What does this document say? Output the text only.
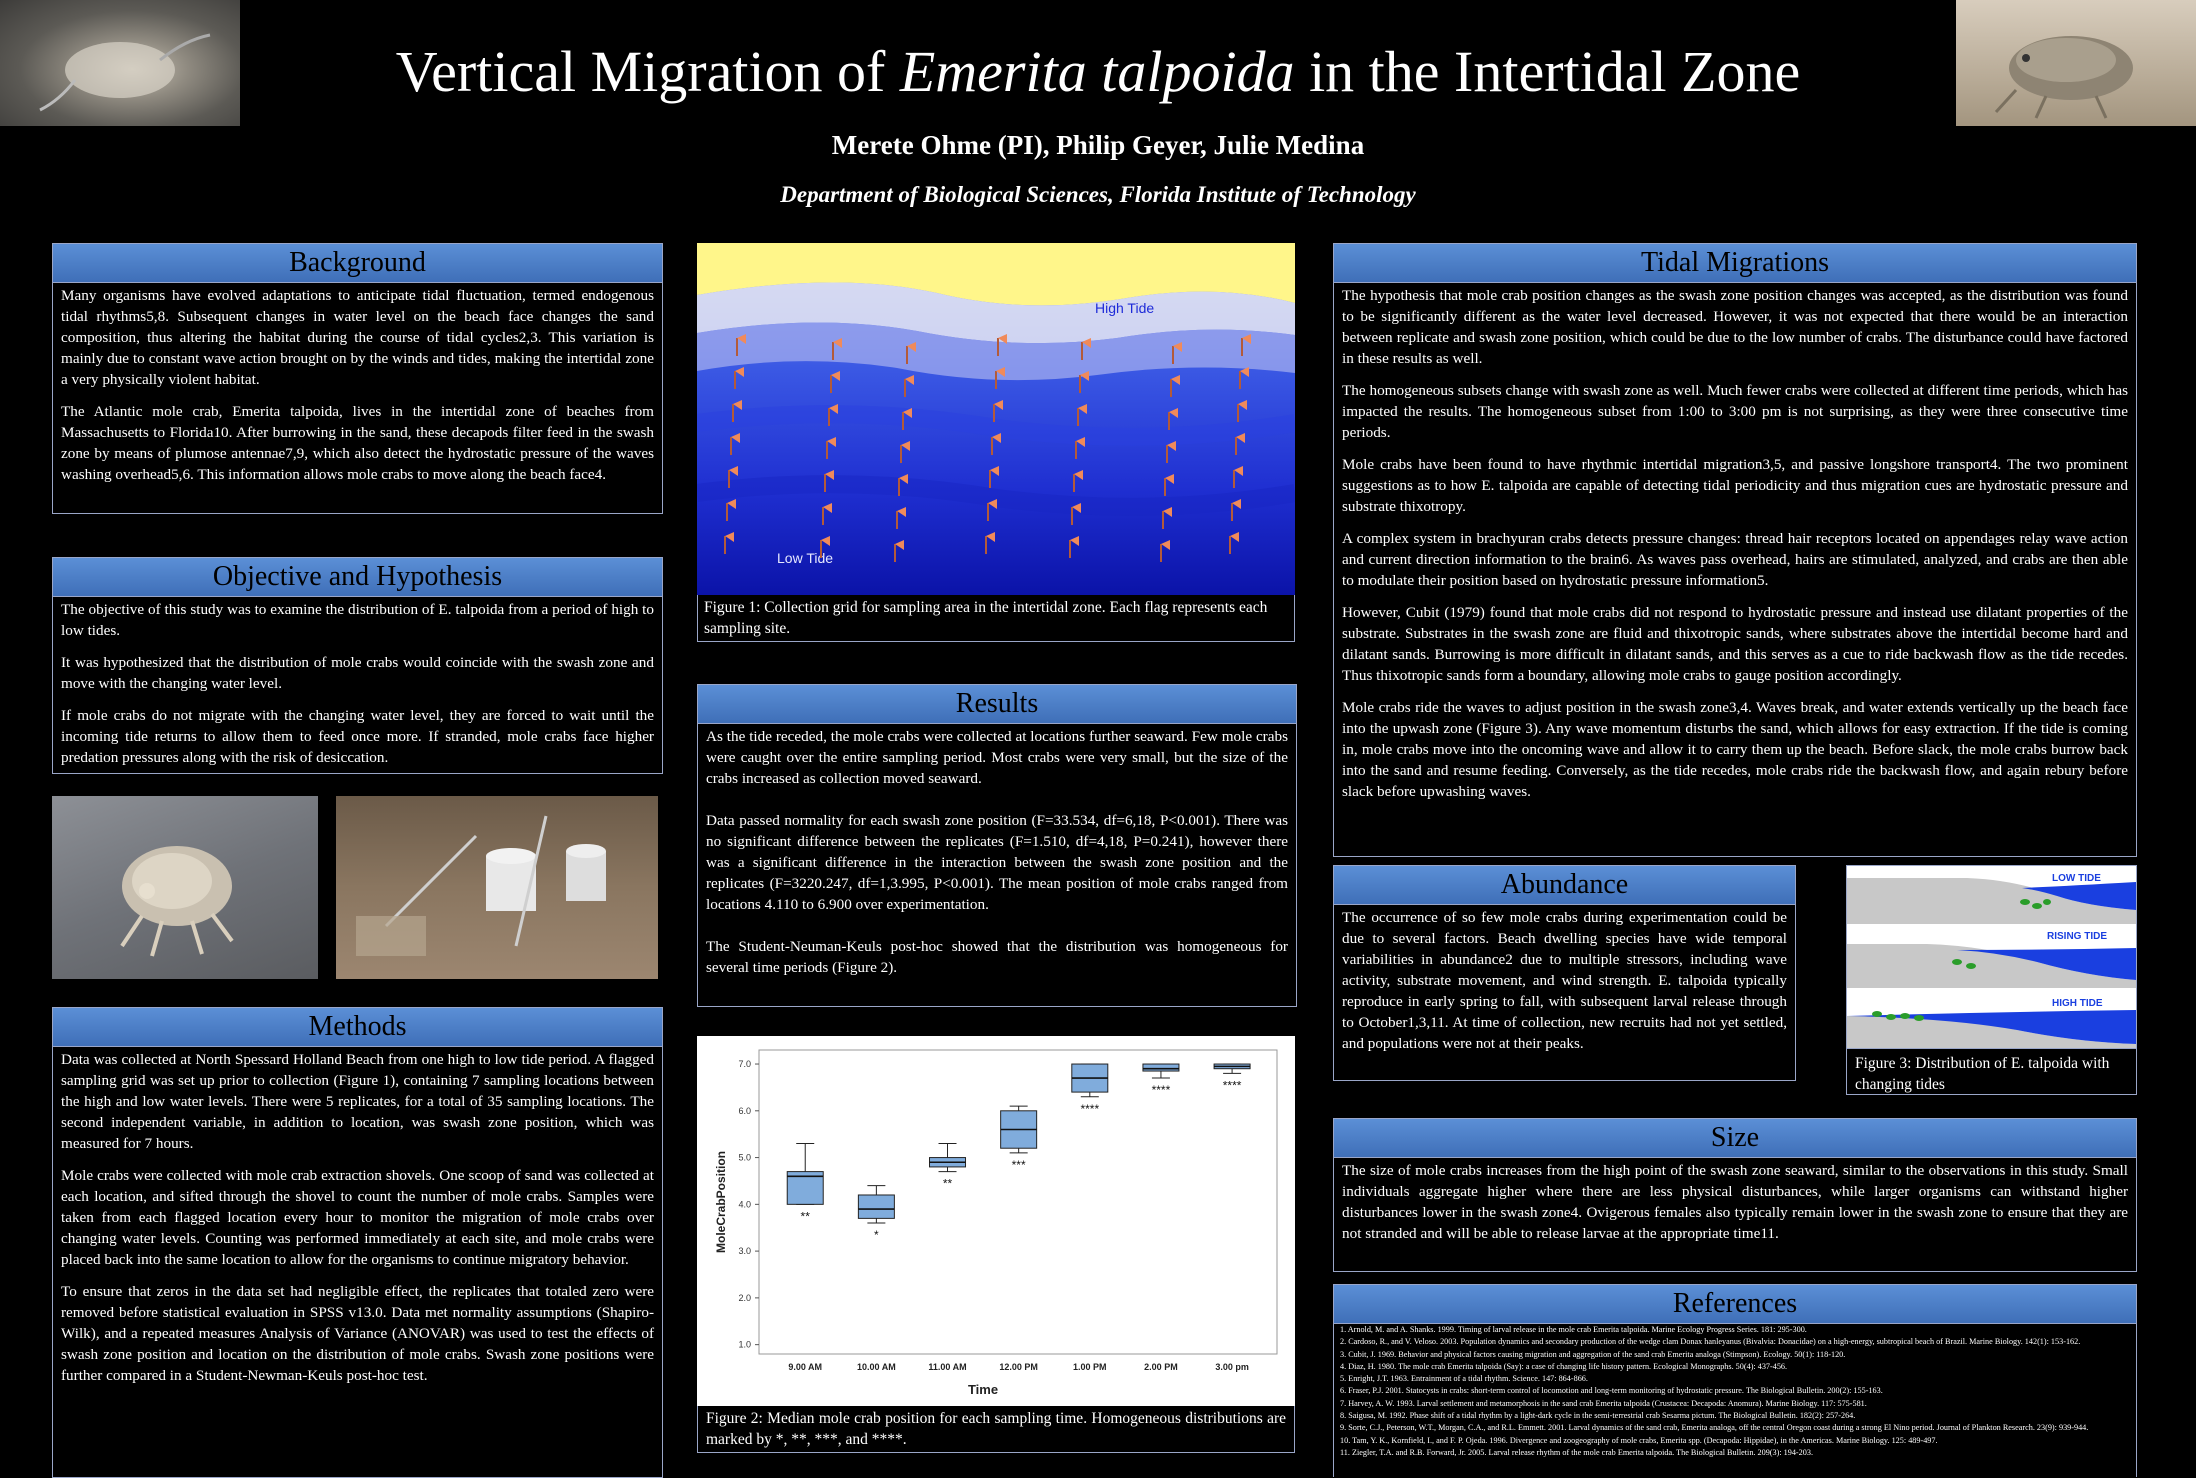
Vertical Migration of Emerita talpoida in the Intertidal Zone
Merete Ohme (PI), Philip Geyer, Julie Medina
Department of Biological Sciences, Florida Institute of Technology
Background

Many organisms have evolved adaptations to anticipate tidal fluctuation, termed endogenous tidal rhythms5,8. Subsequent changes in water level on the beach face changes the sand composition, thus altering the habitat during the course of tidal cycles2,3. This variation is mainly due to constant wave action brought on by the winds and tides, making the intertidal zone a very physically violent habitat.

The Atlantic mole crab, Emerita talpoida, lives in the intertidal zone of beaches from Massachusetts to Florida10. After burrowing in the sand, these decapods filter feed in the swash zone by means of plumose antennae7,9, which also detect the hydrostatic pressure of the waves washing overhead5,6. This information allows mole crabs to move along the beach face4.

Objective and Hypothesis

The objective of this study was to examine the distribution of E. talpoida from a period of high to low tides.

It was hypothesized that the distribution of mole crabs would coincide with the swash zone and move with the changing water level.

If mole crabs do not migrate with the changing water level, they are forced to wait until the incoming tide returns to allow them to feed once more. If stranded, mole crabs face higher predation pressures along with the risk of desiccation.

Methods

Data was collected at North Spessard Holland Beach from one high to low tide period. A flagged sampling grid was set up prior to collection (Figure 1), containing 7 sampling locations between the high and low water levels. There were 5 replicates, for a total of 35 sampling locations. The second independent variable, in addition to location, was swash zone position, which was measured for 7 hours.

Mole crabs were collected with mole crab extraction shovels. One scoop of sand was collected at each location, and sifted through the shovel to count the number of mole crabs. Samples were taken from each flagged location every hour to monitor the migration of mole crabs over changing water levels. Counting was performed immediately at each site, and mole crabs were placed back into the same location to allow for the organisms to continue migratory behavior.

To ensure that zeros in the data set had negligible effect, the replicates that totaled zero were removed before statistical evaluation in SPSS v13.0. Data met normality assumptions (Shapiro-Wilk), and a repeated measures Analysis of Variance (ANOVAR) was used to test the effects of swash zone position and location on the distribution of mole crabs. Swash zone positions were further compared in a Student-Newman-Keuls post-hoc test.

High Tide
Low Tide
Figure 1: Collection grid for sampling area in the intertidal zone. Each flag represents each sampling site.
Results

As the tide receded, the mole crabs were collected at locations further seaward. Few mole crabs were caught over the entire sampling period. Most crabs were very small, but the size of the crabs increased as collection moved seaward.

Data passed normality for each swash zone position (F=33.534, df=6,18, P<0.001). There was no significant difference between the replicates (F=1.510, df=4,18, P=0.241), however there was a significant difference in the interaction between the swash zone position and the replicates (F=3220.247, df=1,3.995, P<0.001). The mean position of mole crabs ranged from locations 4.110 to 6.900 over experimentation.

The Student-Neuman-Keuls post-hoc showed that the distribution was homogeneous for several time periods (Figure 2).

1.0
2.0
3.0
4.0
5.0
6.0
7.0
MoleCrabPosition
Time
**
9.00 AM
*
10.00 AM
**
11.00 AM
***
12.00 PM
****
1.00 PM
****
2.00 PM
****
3.00 pm
Figure 2: Median mole crab position for each sampling time. Homogeneous distributions are marked by *, **, ***, and ****.
Tidal Migrations

The hypothesis that mole crab position changes as the swash zone position changes was accepted, as the distribution was found to be significantly different as the water level decreased. However, it was not expected that there would be an interaction between replicate and swash zone position, which could be due to the low number of crabs. The disturbance could have factored in these results as well.

The homogeneous subsets change with swash zone as well. Much fewer crabs were collected at different time periods, which has impacted the results. The homogeneous subset from 1:00 to 3:00 pm is not surprising, as they were three consecutive time periods.

Mole crabs have been found to have rhythmic intertidal migration3,5, and passive longshore transport4. The two prominent suggestions as to how E. talpoida are capable of detecting tidal periodicity and thus migration cues are hydrostatic pressure and substrate thixotropy.

A complex system in brachyuran crabs detects pressure changes: thread hair receptors located on appendages relay wave action and current direction information to the brain6. As waves pass overhead, hairs are stimulated, analyzed, and crabs are then able to modulate their position based on hydrostatic pressure information5.

However, Cubit (1979) found that mole crabs did not respond to hydrostatic pressure and instead use dilatant properties of the substrate. Substrates in the swash zone are fluid and thixotropic sands, where substrates above the intertidal become hard and dilatant sands. Burrowing is more difficult in dilatant sands, and this serves as a cue to ride backwash flow as the tide recedes. Thus thixotropic sands form a boundary, allowing mole crabs to gauge position accordingly.

Mole crabs ride the waves to adjust position in the swash zone3,4. Waves break, and water extends vertically up the beach face into the upwash zone (Figure 3). Any wave momentum disturbs the sand, which allows for easy extraction. If the tide is coming in, mole crabs move into the oncoming wave and allow it to carry them up the beach. Before slack, the mole crabs burrow back into the sand and resume feeding. Conversely, as the tide recedes, mole crabs ride the backwash flow, and again rebury before slack before upwashing waves.

Abundance

The occurrence of so few mole crabs during experimentation could be due to several factors. Beach dwelling species have wide temporal variabilities in abundance2 due to multiple stressors, including wave activity, substrate movement, and wind strength. E. talpoida typically reproduce in early spring to fall, with subsequent larval release through to October1,3,11. At time of collection, new recruits had not yet settled, and populations were not at their peaks.

LOW TIDE
RISING TIDE
HIGH TIDE
Figure 3: Distribution of E. talpoida with changing tides
Size

The size of mole crabs increases from the high point of the swash zone seaward, similar to the observations in this study. Small individuals aggregate higher where there are less physical disturbances, while larger organisms can withstand higher disturbances lower in the swash zone4. Ovigerous females also typically remain lower in the swash zone to ensure that they are not stranded and will be able to release larvae at the appropriate time11.

References
1. Arnold, M. and A. Shanks. 1999. Timing of larval release in the mole crab Emerita talpoida. Marine Ecology Progress Series. 181: 295-300.
2. Cardoso, R., and V. Veloso. 2003. Population dynamics and secondary production of the wedge clam Donax hanleyanus (Bivalvia: Donacidae) on a high-energy, subtropical beach of Brazil. Marine Biology. 142(1): 153-162.
3. Cubit, J. 1969. Behavior and physical factors causing migration and aggregation of the sand crab Emerita analoga (Stimpson). Ecology. 50(1): 118-120.
4. Diaz, H. 1980. The mole crab Emerita talpoida (Say): a case of changing life history pattern. Ecological Monographs. 50(4): 437-456.
5. Enright, J.T. 1963. Entrainment of a tidal rhythm. Science. 147: 864-866.
6. Fraser, P.J. 2001. Statocysts in crabs: short-term control of locomotion and long-term monitoring of hydrostatic pressure. The Biological Bulletin. 200(2): 155-163.
7. Harvey, A. W. 1993. Larval settlement and metamorphosis in the sand crab Emerita talpoida (Crustacea: Decapoda: Anomura). Marine Biology. 117: 575-581.
8. Saigusa, M. 1992. Phase shift of a tidal rhythm by a light-dark cycle in the semi-terrestrial crab Sesarma pictum. The Biological Bulletin. 182(2): 257-264.
9. Sorte, C.J., Peterson, W.T., Morgan, C.A., and R.L. Emmett. 2001. Larval dynamics of the sand crab, Emerita analoga, off the central Oregon coast during a strong El Nino period. Journal of Plankton Research. 23(9): 939-944.
10. Tam, Y. K., Kornfield, I., and F. P. Ojeda. 1996. Divergence and zoogeography of mole crabs, Emerita spp. (Decapoda: Hippidae), in the Americas. Marine Biology. 125: 489-497.
11. Ziegler, T.A. and R.B. Forward, Jr. 2005. Larval release rhythm of the mole crab Emerita talpoida. The Biological Bulletin. 209(3): 194-203.
